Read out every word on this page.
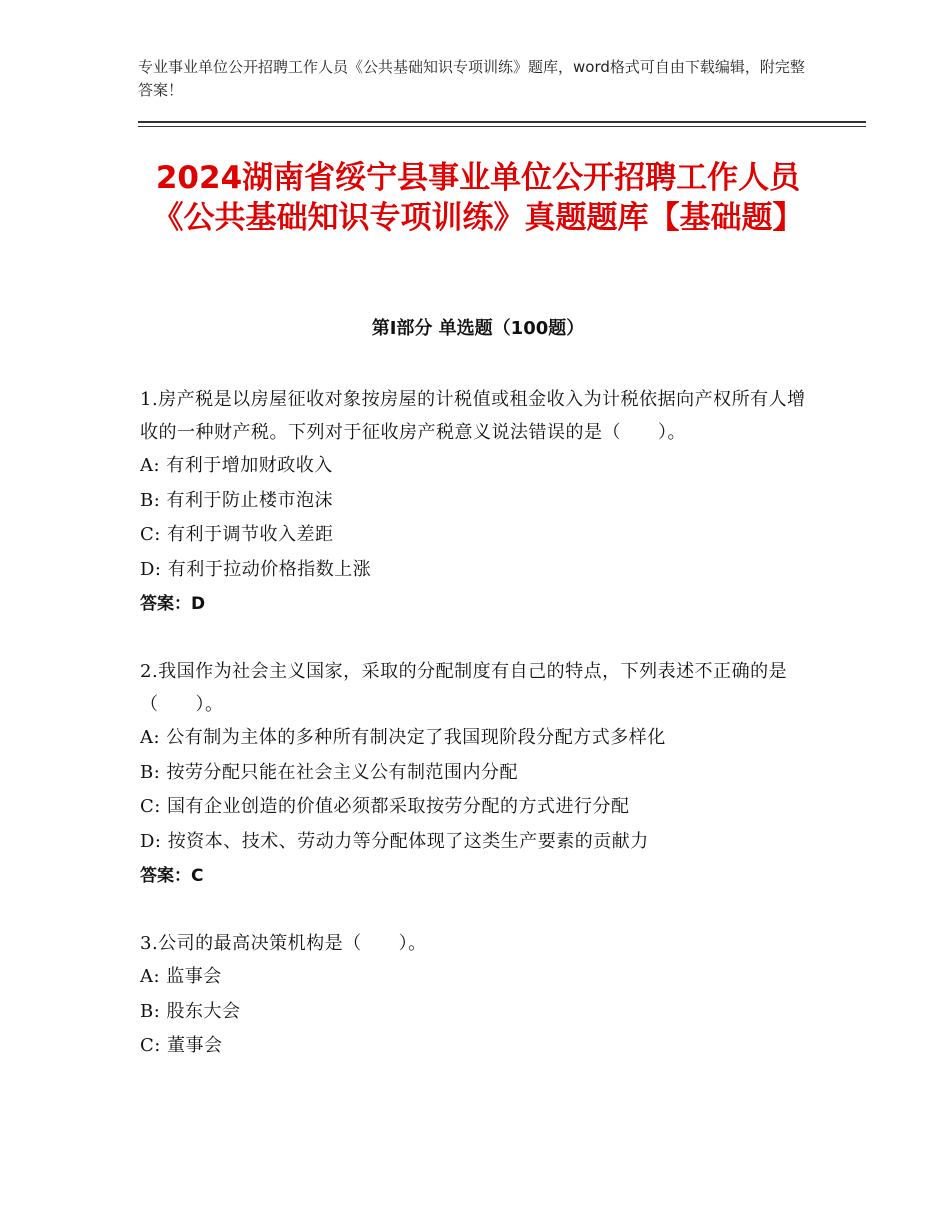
专业事业单位公开招聘工作人员《公共基础知识专项训练》题库，word格式可自由下载编辑，附完整答案！
2024湖南省绥宁县事业单位公开招聘工作人员《公共基础知识专项训练》真题题库【基础题】
第Ⅰ部分 单选题（100题）
1.房产税是以房屋征收对象按房屋的计税值或租金收入为计税依据向产权所有人增收的一种财产税。下列对于征收房产税意义说法错误的是（　　）。
A: 有利于增加财政收入
B: 有利于防止楼市泡沫
C: 有利于调节收入差距
D: 有利于拉动价格指数上涨
答案：D
2.我国作为社会主义国家，采取的分配制度有自己的特点，下列表述不正确的是（　　）。
A: 公有制为主体的多种所有制决定了我国现阶段分配方式多样化
B: 按劳分配只能在社会主义公有制范围内分配
C: 国有企业创造的价值必须都采取按劳分配的方式进行分配
D: 按资本、技术、劳动力等分配体现了这类生产要素的贡献力
答案：C
3.公司的最高决策机构是（　　）。
A: 监事会
B: 股东大会
C: 董事会
